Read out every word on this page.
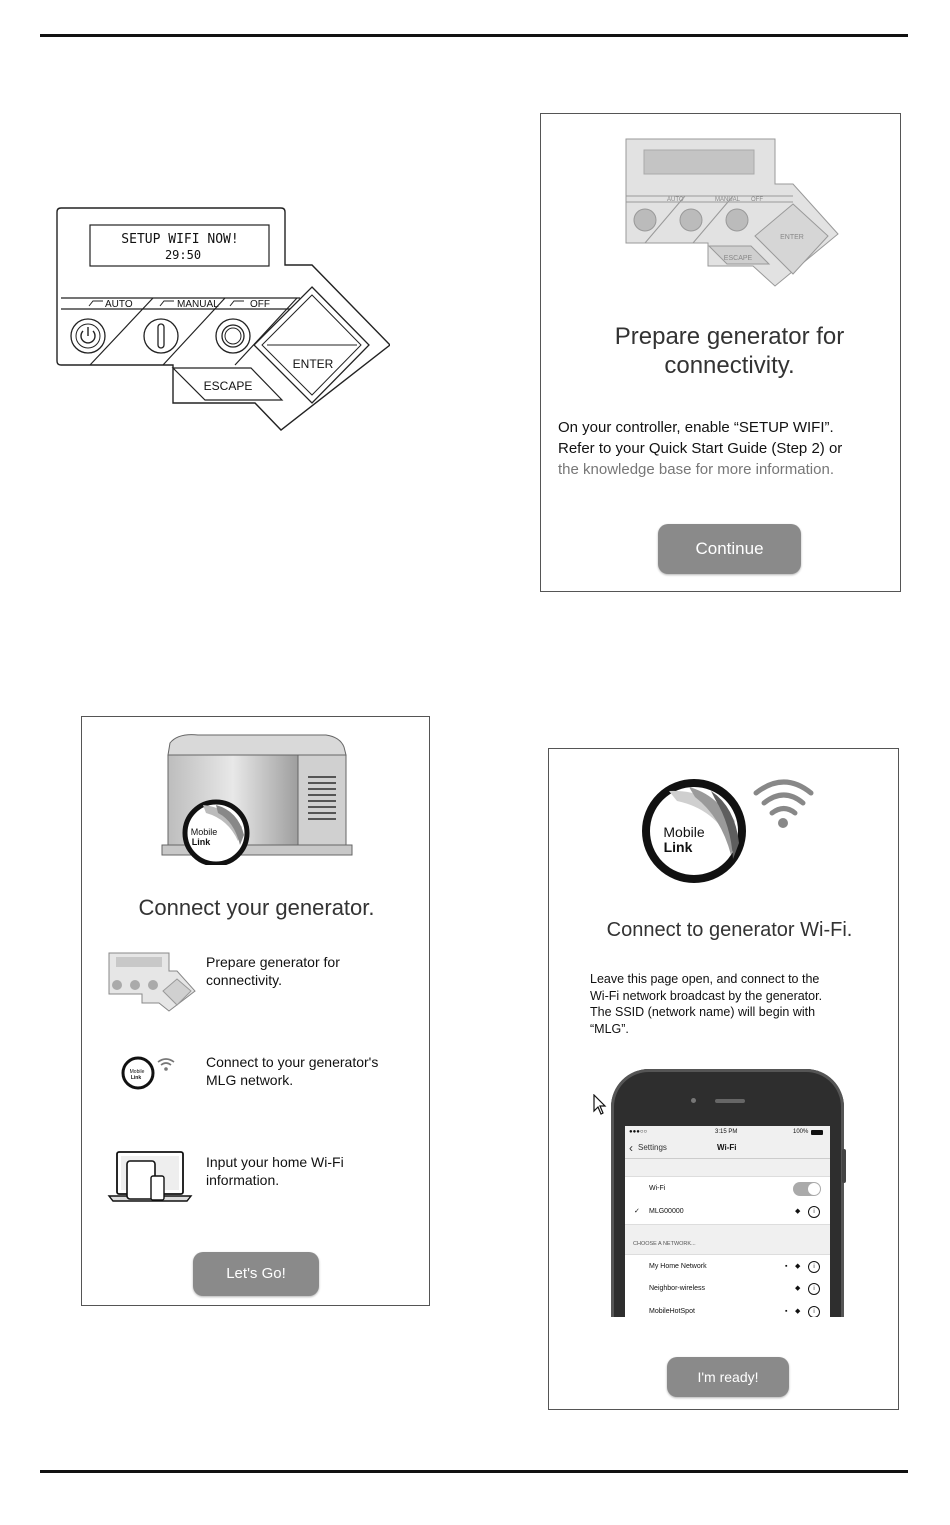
SETUP WIFI NOW!
29:50
AUTO	MANUAL	OFF
ENTER
ESCAPE
AUTO	MANUAL OFF
ENTER
ESCAPE
Prepare generator for
connectivity.
On your controller, enable “SETUP WIFI”.
Refer to your Quick Start Guide (Step 2) or
the knowledge base for more information.
Continue
Mobile
Link
Connect your generator.
Prepare generator for
connectivity.
Mobile
Link
Connect to your generator's
MLG network.
Input your home Wi-Fi
information.
Let's Go!
Mobile
Link
Connect to generator Wi-Fi.
Leave this page open, and connect to the
Wi-Fi network broadcast by the generator.
The SSID (network name) will begin with
“MLG”.
●●●○○	3:15 PM	100%
‹ Settings	Wi-Fi
Wi-Fi
✓ MLG00000	◆	i
CHOOSE A NETWORK...
My Home Network	▪ ◆	i
Neighbor-wireless	◆	i
MobileHotSpot	▪ ◆	i
I'm ready!
